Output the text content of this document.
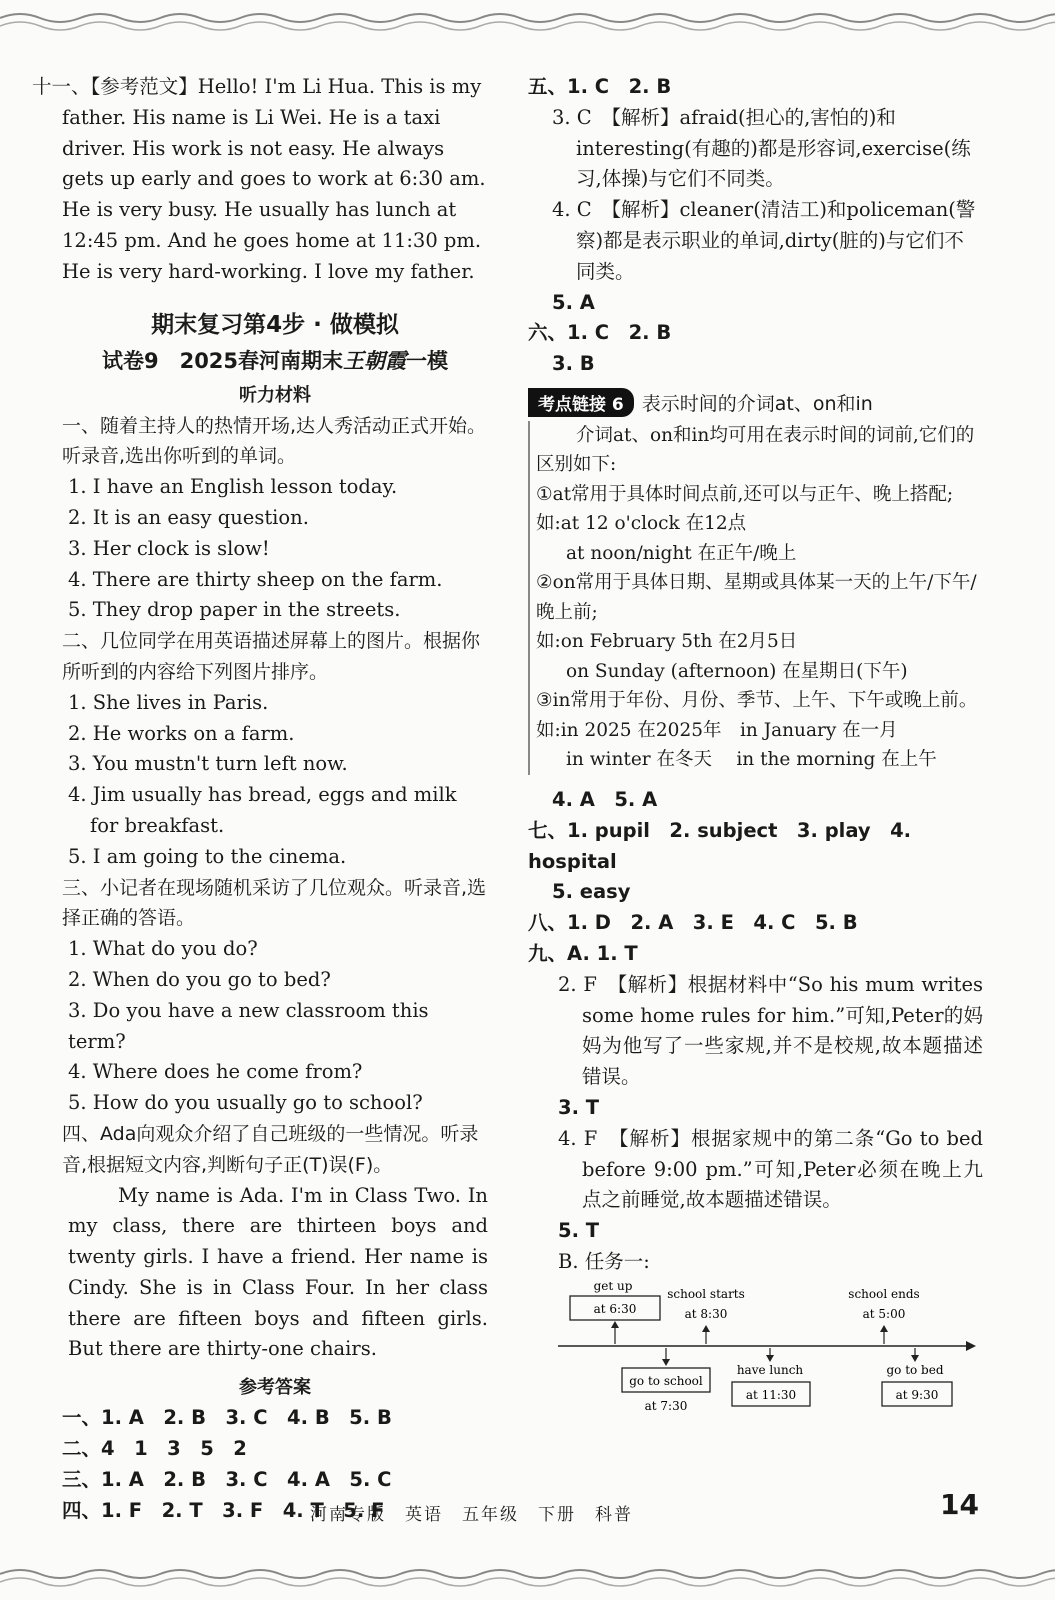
十一、【参考范文】Hello! I'm Li Hua. This is my father. His name is Li Wei. He is a taxi driver. His work is not easy. He always gets up early and goes to work at 6:30 am. He is very busy. He usually has lunch at 12:45 pm. And he goes home at 11:30 pm. He is very hard-working. I love my father.

期末复习第4步 · 做模拟
试卷9　2025春河南期末王朝霞一模
听力材料

一、随着主持人的热情开场,达人秀活动正式开始。听录音,选出你听到的单词。

1. I have an English lesson today.

2. It is an easy question.

3. Her clock is slow!

4. There are thirty sheep on the farm.

5. They drop paper in the streets.

二、几位同学在用英语描述屏幕上的图片。根据你所听到的内容给下列图片排序。

1. She lives in Paris.

2. He works on a farm.

3. You mustn't turn left now.

4. Jim usually has bread, eggs and milk for breakfast.

5. I am going to the cinema.

三、小记者在现场随机采访了几位观众。听录音,选择正确的答语。

1. What do you do?

2. When do you go to bed?

3. Do you have a new classroom this term?

4. Where does he come from?

5. How do you usually go to school?

四、Ada向观众介绍了自己班级的一些情况。听录音,根据短文内容,判断句子正(T)误(F)。

My name is Ada. I'm in Class Two. In my class, there are thirteen boys and twenty girls. I have a friend. Her name is Cindy. She is in Class Four. In her class there are fifteen boys and fifteen girls. But there are thirty-one chairs.

参考答案

一、1. A　2. B　3. C　4. B　5. B

二、4　1　3　5　2

三、1. A　2. B　3. C　4. A　5. C

四、1. F　2. T　3. F　4. T　5. F

五、1. C　2. B

3. C　【解析】afraid(担心的,害怕的)和interesting(有趣的)都是形容词,exercise(练习,体操)与它们不同类。

4. C　【解析】cleaner(清洁工)和policeman(警察)都是表示职业的单词,dirty(脏的)与它们不同类。

5. A

六、1. C　2. B

3. B

考点链接 6 表示时间的介词at、on和in

介词at、on和in均可用在表示时间的词前,它们的区别如下:

①at常用于具体时间点前,还可以与正午、晚上搭配;

如:at 12 o'clock 在12点

at noon/night 在正午/晚上

②on常用于具体日期、星期或具体某一天的上午/下午/晚上前;

如:on February 5th 在2月5日

on Sunday (afternoon) 在星期日(下午)

③in常用于年份、月份、季节、上午、下午或晚上前。

如:in 2025 在2025年　in January 在一月

in winter 在冬天　 in the morning 在上午

4. A　5. A

七、1. pupil　2. subject　3. play　4. hospital

5. easy

八、1. D　2. A　3. E　4. C　5. B

九、A. 1. T

2. F　【解析】根据材料中“So his mum writes some home rules for him.”可知,Peter的妈妈为他写了一些家规,并不是校规,故本题描述错误。

3. T

4. F　【解析】根据家规中的第二条“Go to bed before 9:00 pm.”可知,Peter必须在晚上九点之前睡觉,故本题描述错误。

5. T

B. 任务一:

get up
at 6:30
school starts
at 8:30
school ends
at 5:00
go to school
at 7:30
have lunch
at 11:30
go to bed
at 9:30
河南专版　英语　五年级　下册　科普	14
